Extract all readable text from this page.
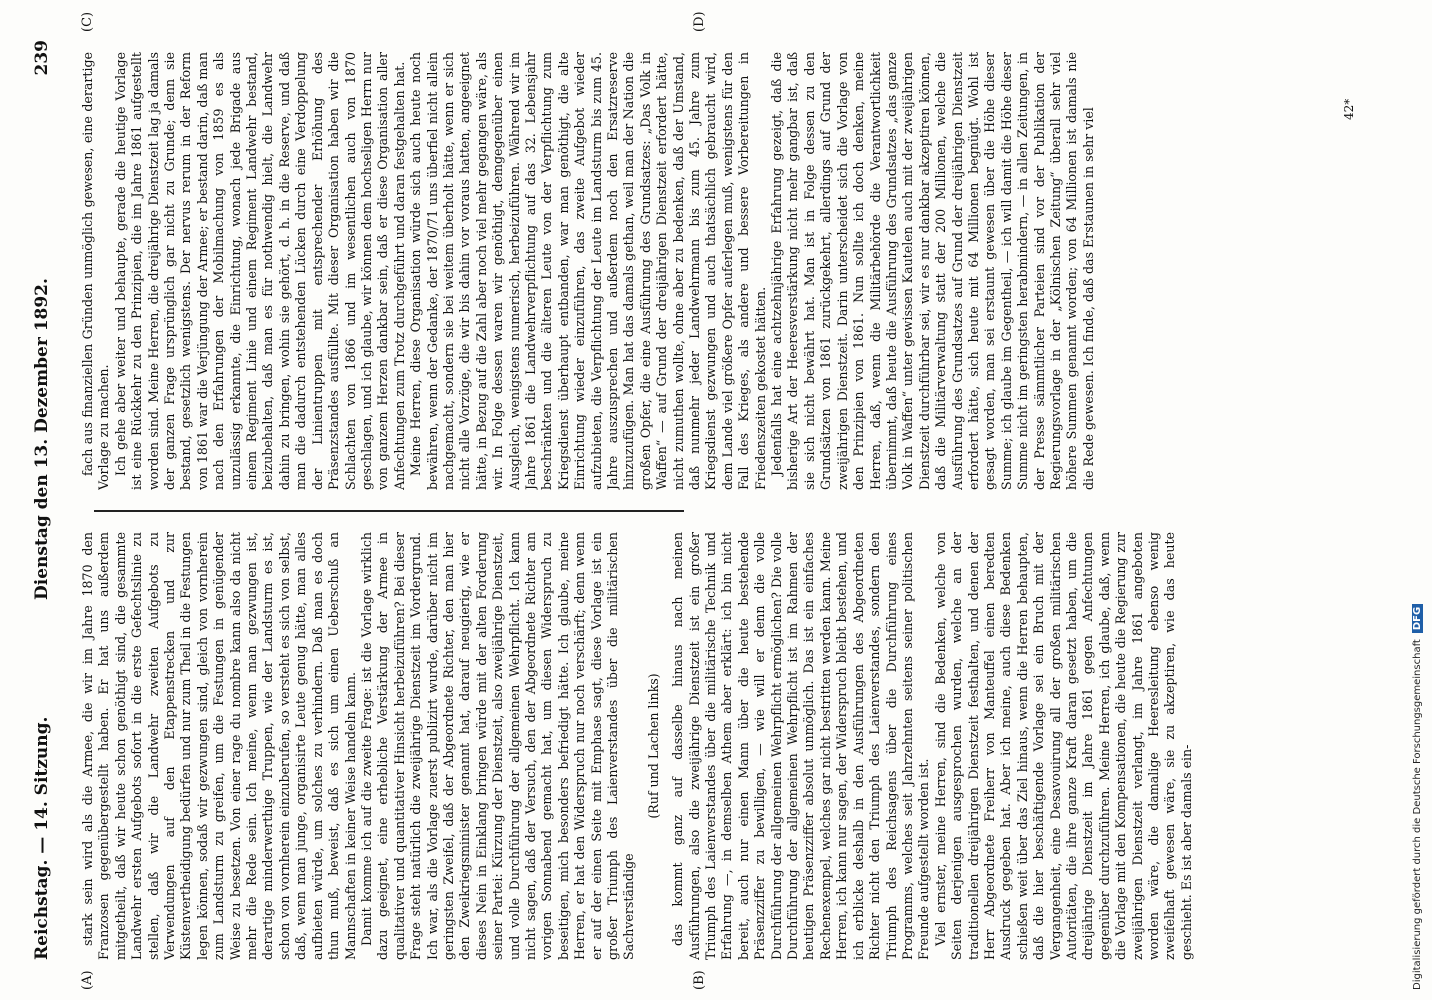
Reichstag. — 14. Sitzung.
Dienstag den 13. Dezember 1892.
239
(A)	(B)
(C)	(D)

stark sein wird als die Armee, die wir im Jahre 1870 den Franzosen gegenübergestellt haben. Er hat uns außerdem mitgetheilt, daß wir heute schon genöthigt sind, die gesammte Landwehr ersten Aufgebots sofort in die erste Gefechtslinie zu stellen, daß wir die Landwehr zweiten Aufgebots zu Verwendungen auf den Etappenstrecken und zur Küstenvertheidigung bedürfen und nur zum Theil in die Festungen legen können, sodaß wir gezwungen sind, gleich von vornherein zum Landsturm zu greifen, um die Festungen in genügender Weise zu besetzen. Von einer rage du nombre kann also da nicht mehr die Rede sein. Ich meine, wenn man gezwungen ist, derartige minderwerthige Truppen, wie der Landsturm es ist, schon von vornherein einzuberufen, so versteht es sich von selbst, daß, wenn man junge, organisirte Leute genug hätte, man alles aufbieten würde, um solches zu verhindern. Daß man es doch thun muß, beweist, daß es sich um einen Ueberschuß an Mannschaften in keiner Weise handeln kann. Damit komme ich auf die zweite Frage: ist die Vorlage wirklich dazu geeignet, eine erhebliche Verstärkung der Armee in qualitativer und quantitativer Hinsicht herbeizuführen? Bei dieser Frage steht natürlich die zweijährige Dienstzeit im Vordergrund. Ich war, als die Vorlage zuerst publizirt wurde, darüber nicht im geringsten Zweifel, daß der Abgeordnete Richter, den man hier den Zweikriegsminister genannt hat, darauf neugierig, wie er dieses Nein in Einklang bringen würde mit der alten Forderung seiner Partei: Kürzung der Dienstzeit, also zweijährige Dienstzeit, und volle Durchführung der allgemeinen Wehrpflicht. Ich kann nicht sagen, daß der Versuch, den der Abgeordnete Richter am vorigen Sonnabend gemacht hat, um diesen Widerspruch zu beseitigen, mich besonders befriedigt hätte. Ich glaube, meine Herren, er hat den Widerspruch nur noch verschärft; denn wenn er auf der einen Seite mit Emphase sagt, diese Vorlage ist ein großer Triumph des Laienverstandes über die militärischen Sachverständige

(Ruf und Lachen links) das kommt ganz auf dasselbe hinaus nach meinen Ausführungen, also die zweijährige Dienstzeit ist ein großer Triumph des Laienverstandes über die militärische Technik und Erfahrung —, in demselben Athem aber erklärt: ich bin nicht bereit, auch nur einen Mann über die heute bestehende Präsenzziffer zu bewilligen, — wie will er denn die volle Durchführung der allgemeinen Wehrpflicht ermöglichen? Die volle Durchführung der allgemeinen Wehrpflicht ist im Rahmen der heutigen Präsenzziffer absolut unmöglich. Das ist ein einfaches Rechenexempel, welches gar nicht bestritten werden kann. Meine Herren, ich kann nur sagen, der Widerspruch bleibt bestehen, und ich erblicke deshalb in den Ausführungen des Abgeordneten Richter nicht den Triumph des Laienverstandes, sondern den Triumph des Reichsagens über die Durchführung eines Programms, welches seit Jahrzehnten seitens seiner politischen Freunde aufgestellt worden ist. Viel ernster, meine Herren, sind die Bedenken, welche von Seiten derjenigen ausgesprochen wurden, welche an der traditionellen dreijährigen Dienstzeit festhalten, und denen der Herr Abgeordnete Freiherr von Manteuffel einen beredten Ausdruck gegeben hat. Aber ich meine, auch diese Bedenken schießen weit über das Ziel hinaus, wenn die Herren behaupten, daß die hier beschäftigende Vorlage sei ein Bruch mit der Vergangenheit, eine Desavouirung all der großen militärischen Autoritäten, die ihre ganze Kraft daran gesetzt haben, um die dreijährige Dienstzeit im Jahre 1861 gegen Anfechtungen gegenüber durchzuführen. Meine Herren, ich glaube, daß, wenn die Vorlage mit den Kompensationen, die heute die Regierung zur zweijährigen Dienstzeit verlangt, im Jahre 1861 angeboten worden wäre, die damalige Heeresleitung ebenso wenig zweifelhaft gewesen wäre, sie zu akzeptiren, wie das heute geschieht. Es ist aber damals ein-

fach aus finanziellen Gründen unmöglich gewesen, eine derartige Vorlage zu machen. Ich gehe aber weiter und behaupte, gerade die heutige Vorlage ist eine Rückkehr zu den Prinzipien, die im Jahre 1861 aufgestellt worden sind. Meine Herren, die dreijährige Dienstzeit lag ja damals der ganzen Frage ursprünglich gar nicht zu Grunde; denn sie bestand, gesetzlich wenigstens. Der nervus rerum in der Reform von 1861 war die Verjüngung der Armee; er bestand darin, daß man nach den Erfahrungen der Mobilmachung von 1859 es als unzulässig erkannte, die Einrichtung, wonach jede Brigade aus einem Regiment Linie und einem Regiment Landwehr bestand, beizubehalten, daß man es für nothwendig hielt, die Landwehr dahin zu bringen, wohin sie gehört, d. h. in die Reserve, und daß man die dadurch entstehenden Lücken durch eine Verdoppelung der Linientruppen mit entsprechender Erhöhung des Präsenzstandes ausfüllte. Mit dieser Organisation haben wir die Schlachten von 1866 und im wesentlichen auch von 1870 geschlagen, und ich glaube, wir können dem hochseligen Herrn nur von ganzem Herzen dankbar sein, daß er diese Organisation aller Anfechtungen zum Trotz durchgeführt und daran festgehalten hat. Meine Herren, diese Organisation würde sich auch heute noch bewähren, wenn der Gedanke, der 1870/71 uns überfiel nicht allein nachgemacht, sondern sie bei weitem überholt hätte, wenn er sich nicht alle Vorzüge, die wir bis dahin vor voraus hatten, angeeignet hätte, in Bezug auf die Zahl aber noch viel mehr gegangen wäre, als wir. In Folge dessen waren wir genöthigt, demgegenüber einen Ausgleich, wenigstens numerisch, herbeizuführen. Während wir im Jahre 1861 die Landwehrverpflichtung auf das 32. Lebensjahr beschränkten und die älteren Leute von der Verpflichtung zum Kriegsdienst überhaupt entbanden, war man genöthigt, die alte Einrichtung wieder einzuführen, das zweite Aufgebot wieder aufzubieten, die Verpflichtung der Leute im Landsturm bis zum 45. Jahre auszusprechen und außerdem noch den Ersatzreserve hinzuzufügen. Man hat das damals gethan, weil man der Nation die großen Opfer, die eine Ausführung des Grundsatzes: „Das Volk in Waffen“ — auf Grund der dreijährigen Dienstzeit erfordert hätte, nicht zumuthen wollte, ohne aber zu bedenken, daß der Umstand, daß nunmehr jeder Landwehrmann bis zum 45. Jahre zum Kriegsdienst gezwungen und auch thatsächlich gebraucht wird, dem Lande viel größere Opfer auferlegen muß, wenigstens für den Fall des Krieges, als andere und bessere Vorbereitungen in Friedenszeiten gekostet hätten. Jedenfalls hat eine achtzehnjährige Erfahrung gezeigt, daß die bisherige Art der Heeresverstärkung nicht mehr gangbar ist, daß sie sich nicht bewährt hat. Man ist in Folge dessen zu den Grundsätzen von 1861 zurückgekehrt, allerdings auf Grund der zweijährigen Dienstzeit. Darin unterscheidet sich die Vorlage von den Prinzipien von 1861. Nun sollte ich doch denken, meine Herren, daß, wenn die Militärbehörde die Verantwortlichkeit übernimmt, daß heute die Ausführung des Grundsatzes „das ganze Volk in Waffen“ unter gewissen Kautelen auch mit der zweijährigen Dienstzeit durchführbar sei, wir es nur dankbar akzeptiren können, daß die Militärverwaltung statt der 200 Millionen, welche die Ausführung des Grundsatzes auf Grund der dreijährigen Dienstzeit erfordert hätte, sich heute mit 64 Millionen begnügt. Wohl ist gesagt worden, man sei erstaunt gewesen über die Höhe dieser Summe; ich glaube im Gegentheil, — ich will damit die Höhe dieser Summe nicht im geringsten herabmindern, — in allen Zeitungen, in der Presse sämmtlicher Parteien sind vor der Publikation der Regierungsvorlage in der „Kölnischen Zeitung“ überall sehr viel höhere Summen genannt worden; von 64 Millionen ist damals nie die Rede gewesen. Ich finde, daß das Erstaunen in sehr viel	42*
Digitalisierung gefördert durch die Deutsche ForschungsgemeinschaftDFG
